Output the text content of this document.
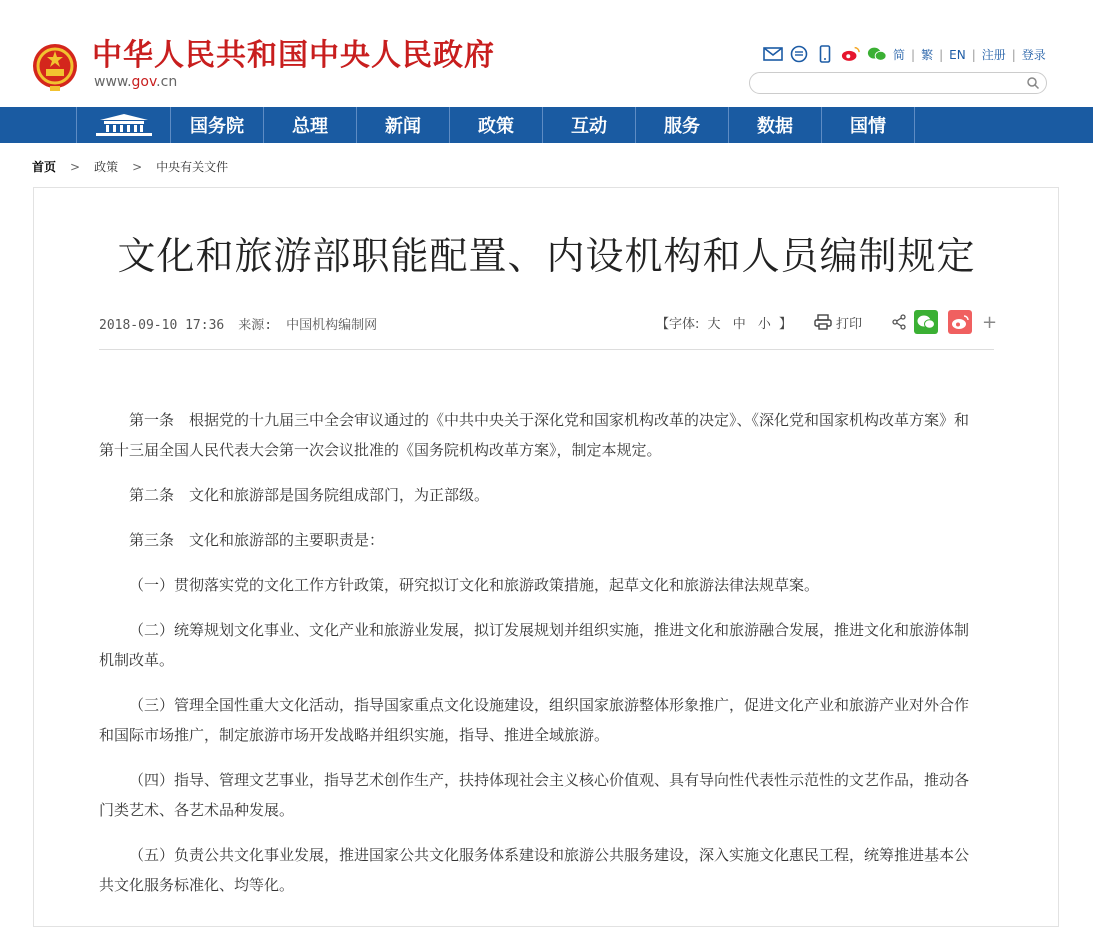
中华人民共和国中央人民政府
www.gov.cn
简 | 繁 | EN | 注册 | 登录
国务院	总理	新闻	政策	互动	服务	数据	国情
首页 > 政策 > 中央有关文件
文化和旅游部职能配置、内设机构和人员编制规定
2018-09-10 17:36 来源: 中国机构编制网	【字体: 大 中 小 】	打印	+

第一条　根据党的十九届三中全会审议通过的《中共中央关于深化党和国家机构改革的决定》、《深化党和国家机构改革方案》和第十三届全国人民代表大会第一次会议批准的《国务院机构改革方案》，制定本规定。

第二条　文化和旅游部是国务院组成部门，为正部级。

第三条　文化和旅游部的主要职责是：

（一）贯彻落实党的文化工作方针政策，研究拟订文化和旅游政策措施，起草文化和旅游法律法规草案。

（二）统筹规划文化事业、文化产业和旅游业发展，拟订发展规划并组织实施，推进文化和旅游融合发展，推进文化和旅游体制机制改革。

（三）管理全国性重大文化活动，指导国家重点文化设施建设，组织国家旅游整体形象推广，促进文化产业和旅游产业对外合作和国际市场推广，制定旅游市场开发战略并组织实施，指导、推进全域旅游。

（四）指导、管理文艺事业，指导艺术创作生产，扶持体现社会主义核心价值观、具有导向性代表性示范性的文艺作品，推动各门类艺术、各艺术品种发展。

（五）负责公共文化事业发展，推进国家公共文化服务体系建设和旅游公共服务建设，深入实施文化惠民工程，统筹推进基本公共文化服务标准化、均等化。
